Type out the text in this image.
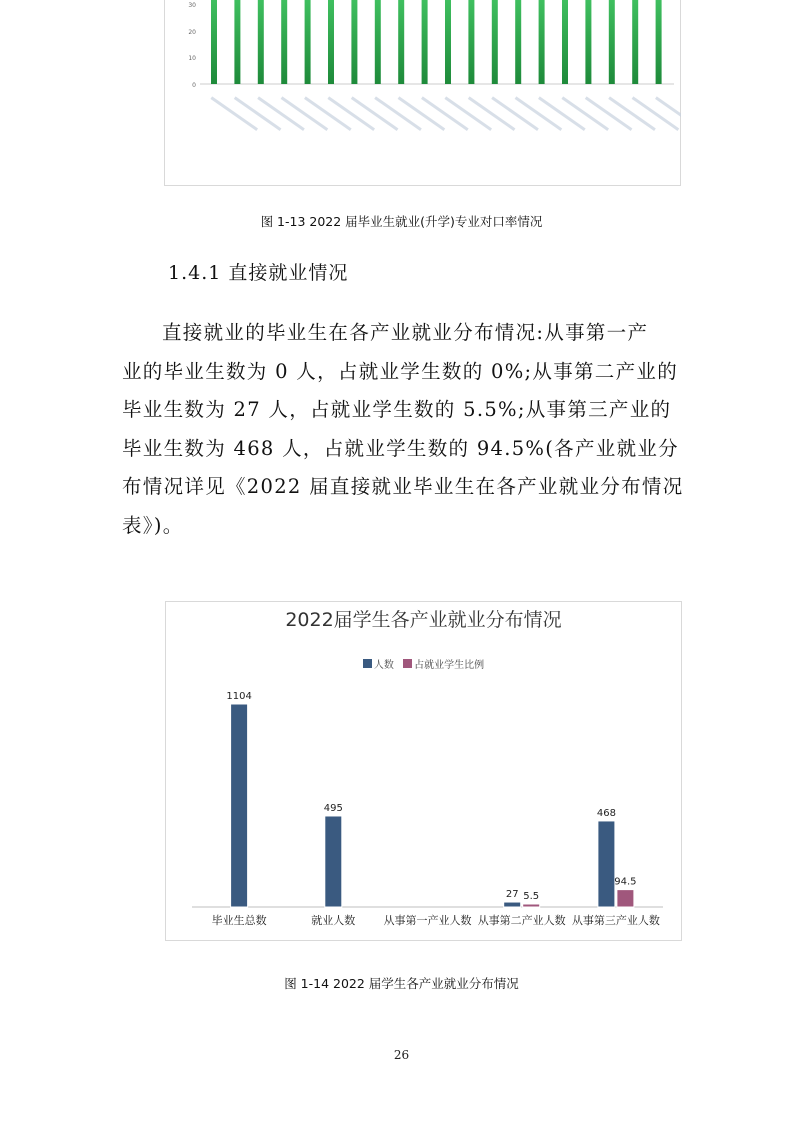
30
20
10
0
图 1-13 2022 届毕业生就业(升学)专业对口率情况
1.4.1 直接就业情况
直接就业的毕业生在各产业就业分布情况:从事第一产
业的毕业生数为 0 人，占就业学生数的 0%;从事第二产业的
毕业生数为 27 人，占就业学生数的 5.5%;从事第三产业的
毕业生数为 468 人，占就业学生数的 94.5%(各产业就业分
布情况详见《2022 届直接就业毕业生在各产业就业分布情况
表》)。
2022届学生各产业就业分布情况
人数
占就业学生比例
毕业生总数
1104
就业人数
495
从事第一产业人数 从事第二产业人数
27 5.5
从事第三产业人数
468
94.5
图 1-14 2022 届学生各产业就业分布情况
26
